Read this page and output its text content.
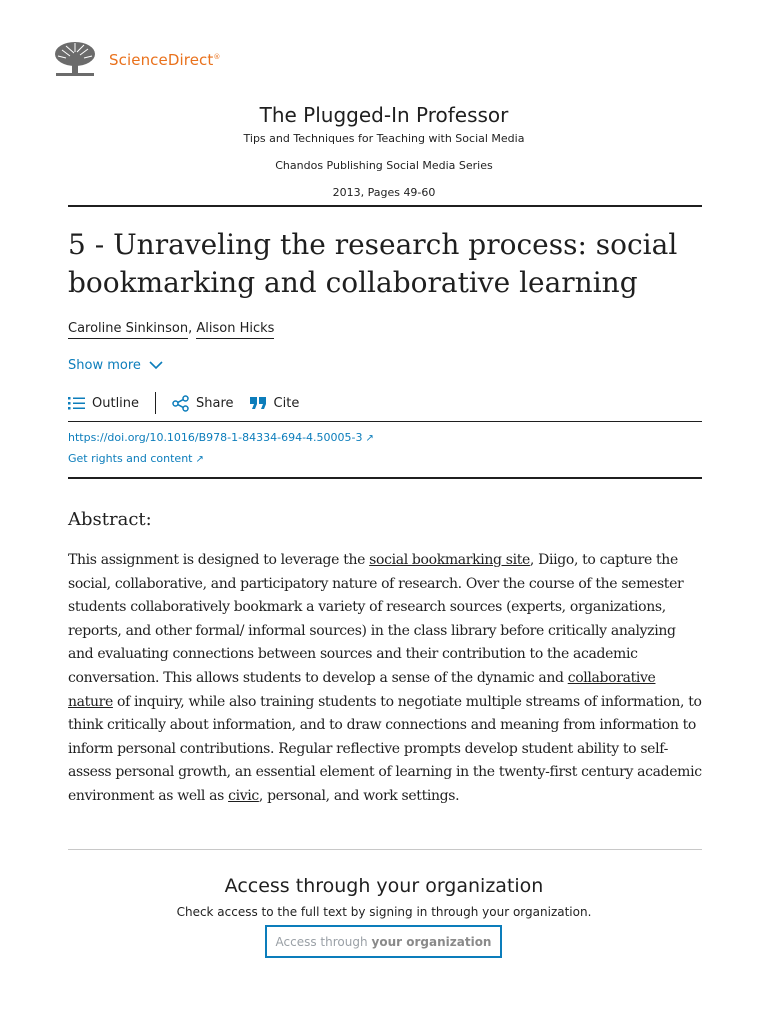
ScienceDirect®
The Plugged-In Professor
Tips and Techniques for Teaching with Social Media
Chandos Publishing Social Media Series
2013, Pages 49-60
5 - Unraveling the research process: social bookmarking and collaborative learning
Caroline Sinkinson, Alison Hicks
Show more
Outline	Share	Cite
https://doi.org/10.1016/B978-1-84334-694-4.50005-3 ↗
Get rights and content ↗
Abstract:

This assignment is designed to leverage the social bookmarking site, Diigo, to capture the social, collaborative, and participatory nature of research. Over the course of the semester students collaboratively bookmark a variety of research sources (experts, organizations, reports, and other formal/ informal sources) in the class library before critically analyzing and evaluating connections between sources and their contribution to the academic conversation. This allows students to develop a sense of the dynamic and collaborative nature of inquiry, while also training students to negotiate multiple streams of information, to think critically about information, and to draw connections and meaning from information to inform personal contributions. Regular reflective prompts develop student ability to self-assess personal growth, an essential element of learning in the twenty-first century academic environment as well as civic, personal, and work settings.

Access through your organization
Check access to the full text by signing in through your organization.
Access through your organization
